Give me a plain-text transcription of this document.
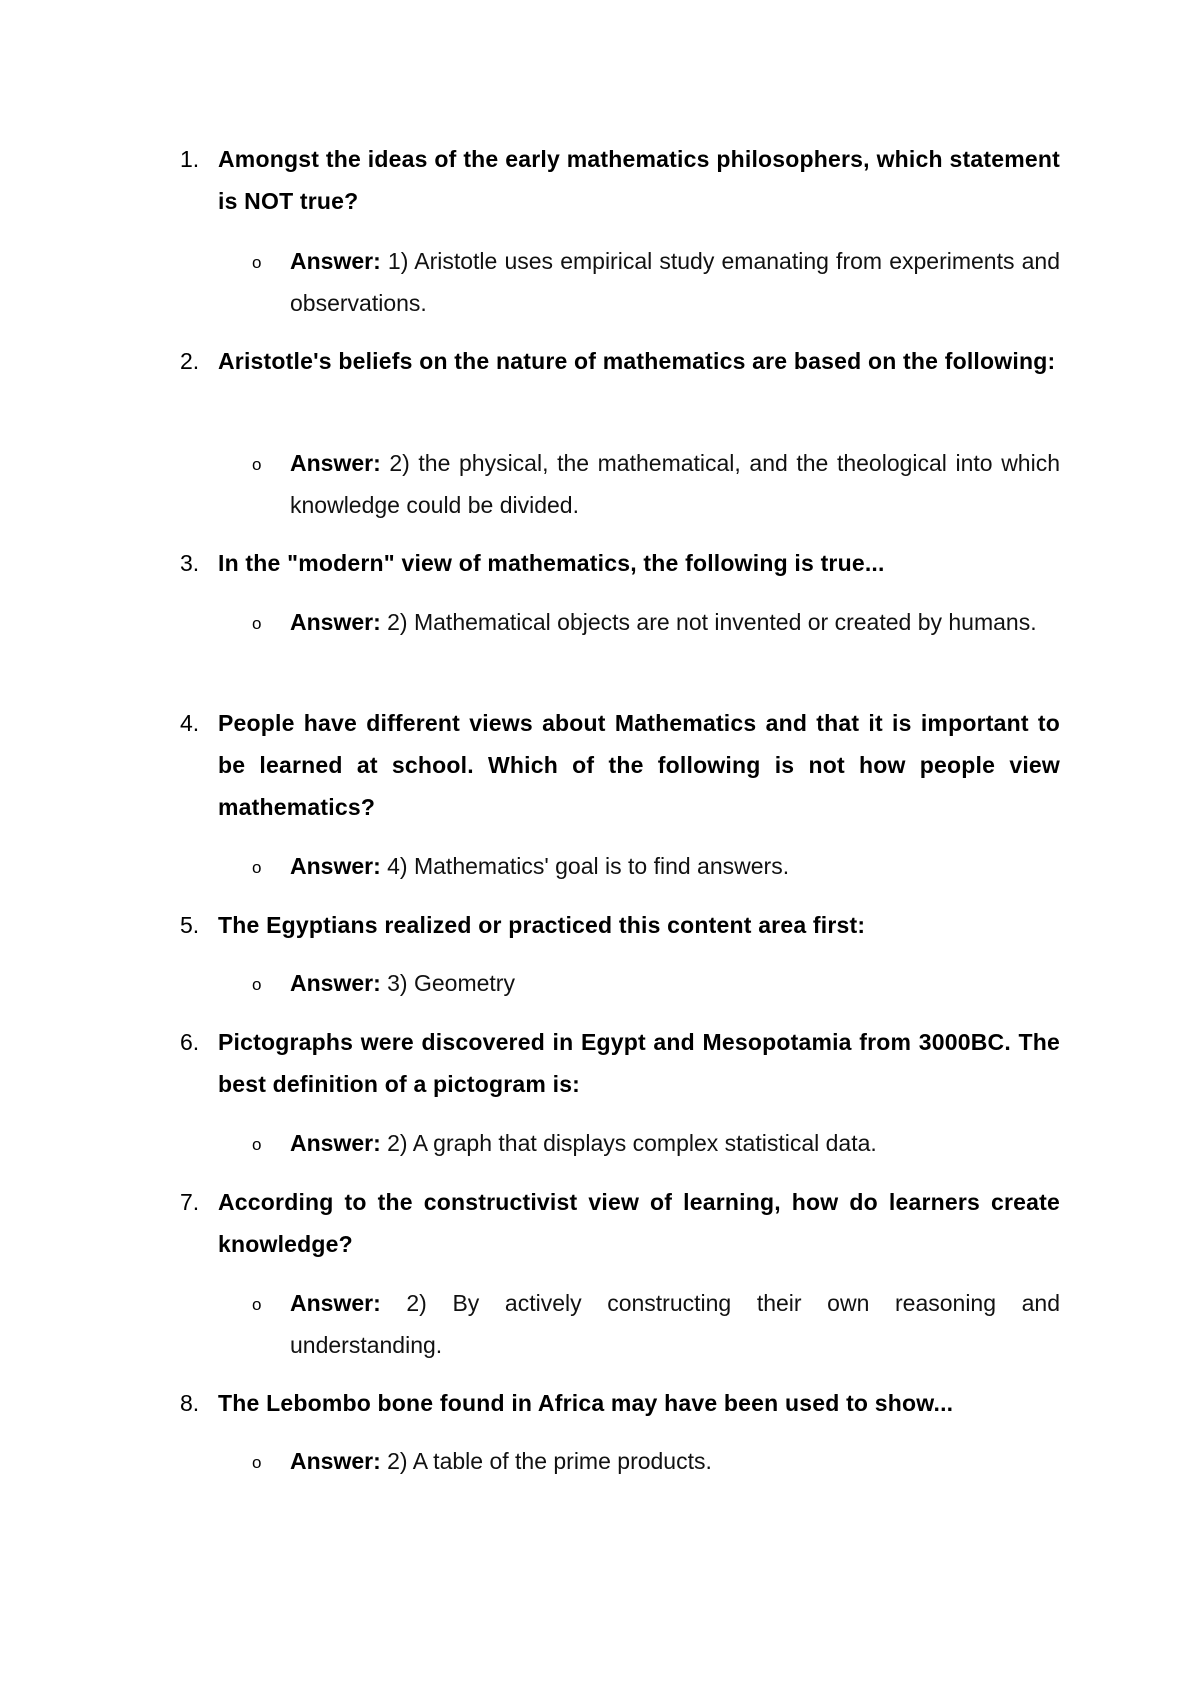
1. Amongst the ideas of the early mathematics philosophers, which statement is NOT true?
o Answer: 1) Aristotle uses empirical study emanating from experiments and observations.
2. Aristotle's beliefs on the nature of mathematics are based on the following:
o Answer: 2) the physical, the mathematical, and the theological into which knowledge could be divided.
3. In the "modern" view of mathematics, the following is true...
o Answer: 2) Mathematical objects are not invented or created by humans.
4. People have different views about Mathematics and that it is important to be learned at school. Which of the following is not how people view mathematics?
o Answer: 4) Mathematics' goal is to find answers.
5. The Egyptians realized or practiced this content area first:
o Answer: 3) Geometry
6. Pictographs were discovered in Egypt and Mesopotamia from 3000BC. The best definition of a pictogram is:
o Answer: 2) A graph that displays complex statistical data.
7. According to the constructivist view of learning, how do learners create knowledge?
o Answer: 2) By actively constructing their own reasoning and understanding.
8. The Lebombo bone found in Africa may have been used to show...
o Answer: 2) A table of the prime products.
